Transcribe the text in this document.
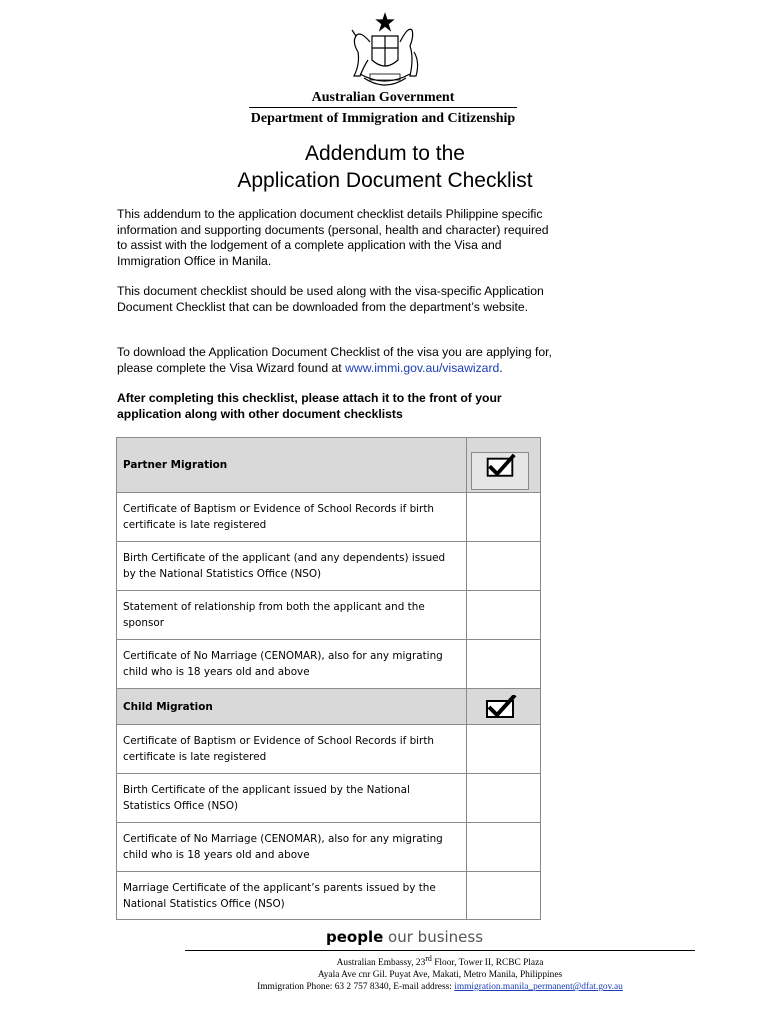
Australian Government
Department of Immigration and Citizenship
Addendum to the
Application Document Checklist

This addendum to the application document checklist details Philippine specific information and supporting documents (personal, health and character) required to assist with the lodgement of a complete application with the Visa and Immigration Office in Manila.

This document checklist should be used along with the visa-specific Application Document Checklist that can be downloaded from the department’s website.

To download the Application Document Checklist of the visa you are applying for, please complete the Visa Wizard found at www.immi.gov.au/visawizard.

After completing this checklist, please attach it to the front of your application along with other document checklists

Partner Migration
Certificate of Baptism or Evidence of School Records if birth certificate is late registered
Birth Certificate of the applicant (and any dependents) issued by the National Statistics Office (NSO)
Statement of relationship from both the applicant and the sponsor
Certificate of No Marriage (CENOMAR), also for any migrating child who is 18 years old and above
Child Migration
Certificate of Baptism or Evidence of School Records if birth certificate is late registered
Birth Certificate of the applicant issued by the National Statistics Office (NSO)
Certificate of No Marriage (CENOMAR), also for any migrating child who is 18 years old and above
Marriage Certificate of the applicant’s parents issued by the National Statistics Office (NSO)
people our business
Australian Embassy, 23rd Floor, Tower II, RCBC Plaza
Ayala Ave cnr Gil. Puyat Ave, Makati, Metro Manila, Philippines
Immigration Phone: 63 2 757 8340, E-mail address: immigration.manila_permanent@dfat.gov.au
